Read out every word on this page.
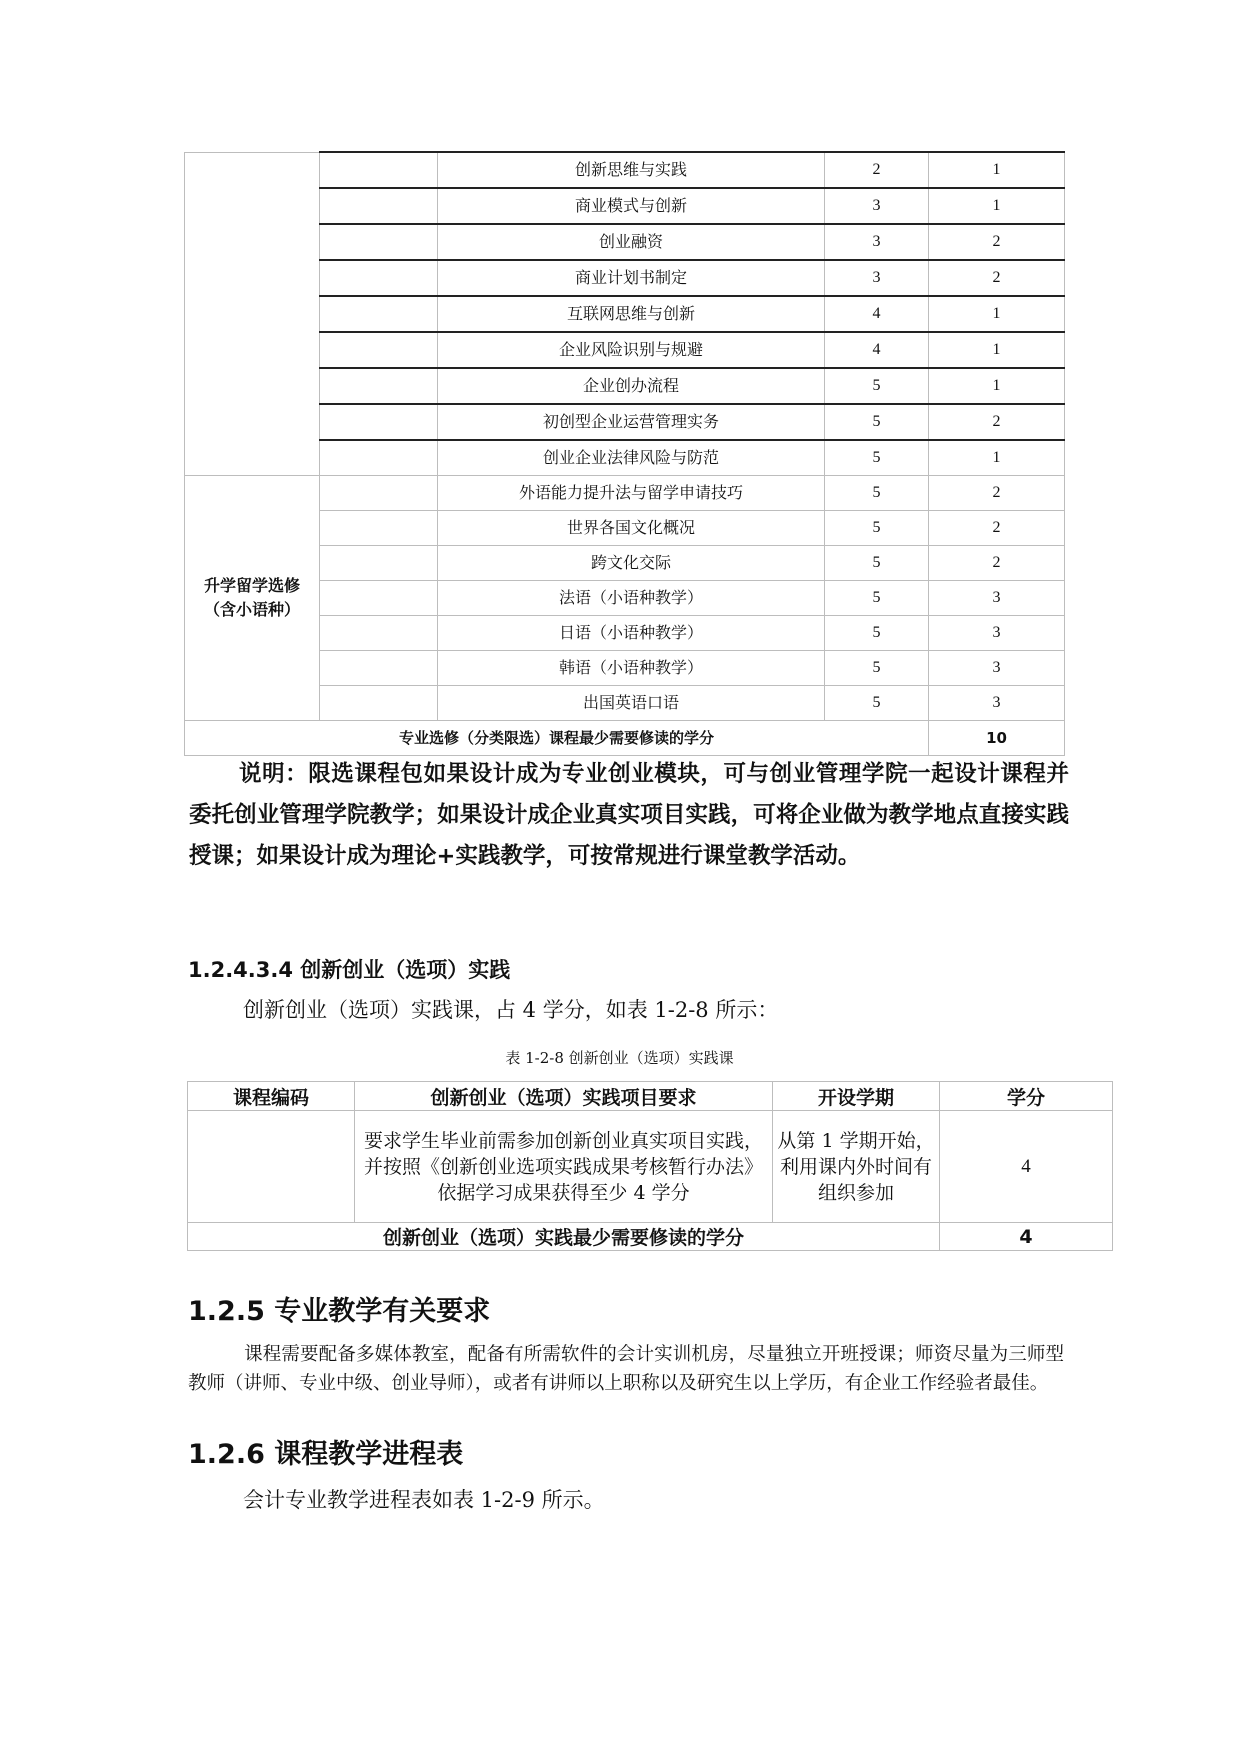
		创新思维与实践	2	1
		商业模式与创新	3	1
		创业融资	3	2
		商业计划书制定	3	2
		互联网思维与创新	4	1
		企业风险识别与规避	4	1
		企业创办流程	5	1
		初创型企业运营管理实务	5	2
		创业企业法律风险与防范	5	1
升学留学选修（含小语种）		外语能力提升法与留学申请技巧	5	2
		世界各国文化概况	5	2
		跨文化交际	5	2
		法语（小语种教学）	5	3
		日语（小语种教学）	5	3
		韩语（小语种教学）	5	3
		出国英语口语	5	3
专业选修（分类限选）课程最少需要修读的学分				10
说明：限选课程包如果设计成为专业创业模块，可与创业管理学院一起设计课程并委托创业管理学院教学；如果设计成企业真实项目实践，可将企业做为教学地点直接实践授课；如果设计成为理论+实践教学，可按常规进行课堂教学活动。
1.2.4.3.4 创新创业（选项）实践
创新创业（选项）实践课，占 4 学分，如表 1-2-8 所示：
表 1-2-8 创新创业（选项）实践课
课程编码	创新创业（选项）实践项目要求	开设学期	学分
	要求学生毕业前需参加创新创业真实项目实践，并按照《创新创业选项实践成果考核暂行办法》依据学习成果获得至少 4 学分	从第 1 学期开始，利用课内外时间有组织参加	4
创新创业（选项）实践最少需要修读的学分			4
1.2.5 专业教学有关要求
课程需要配备多媒体教室，配备有所需软件的会计实训机房，尽量独立开班授课；师资尽量为三师型教师（讲师、专业中级、创业导师），或者有讲师以上职称以及研究生以上学历，有企业工作经验者最佳。
1.2.6 课程教学进程表
会计专业教学进程表如表 1-2-9 所示。
